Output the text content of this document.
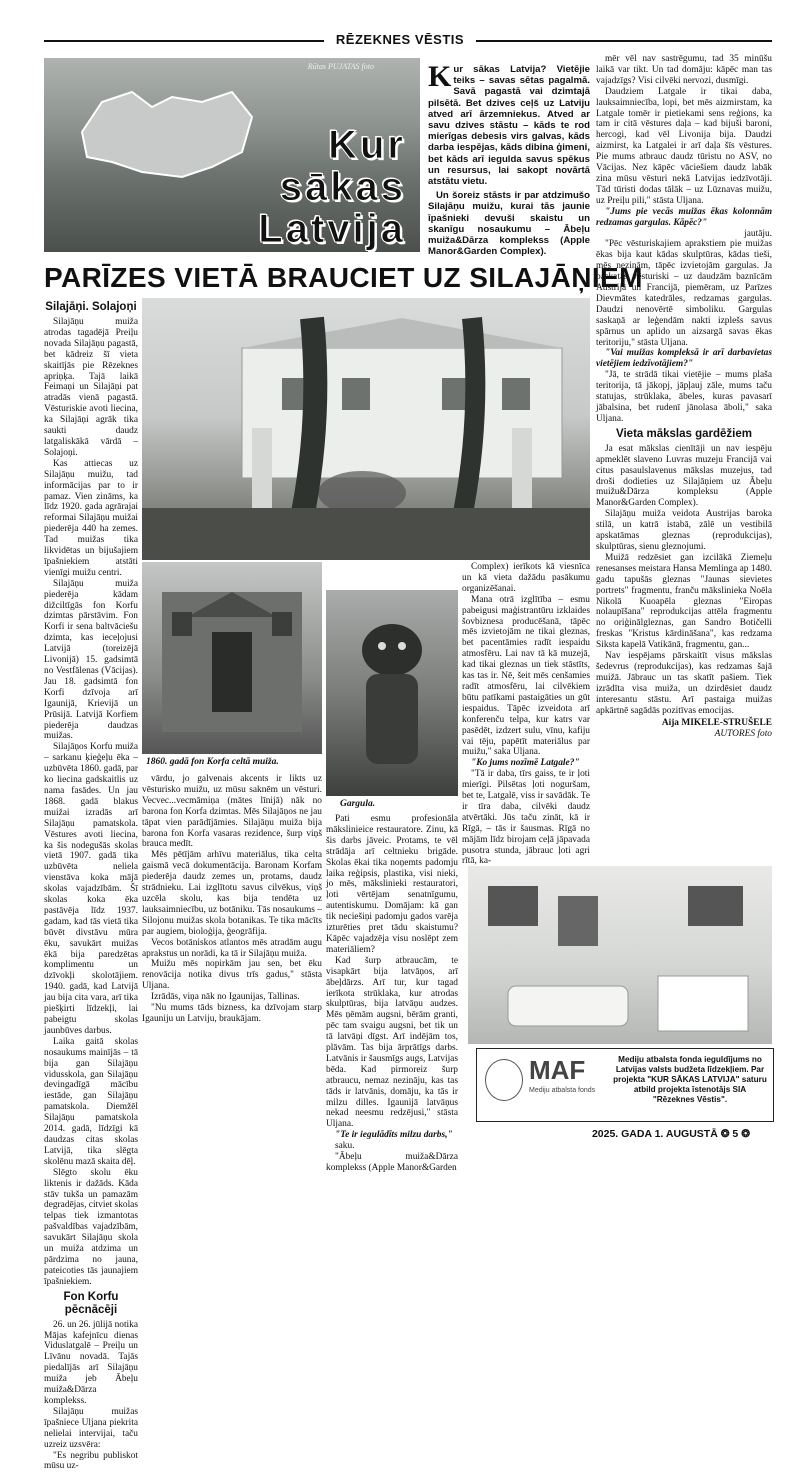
RĒZEKNES VĒSTIS
Rūtas PUJATAS foto
Kur
sākas
Latvija

Kur sākas Latvija? Vietējie teiks – savas sētas pagalmā. Savā pagastā vai dzimtajā pilsētā. Bet dzives ceļš uz Latviju atved arī ārzemniekus. Atved ar savu dzives stāstu – kāds te rod mierīgas debesis virs galvas, kāds darba iespējas, kāds dibina ģimeni, bet kāds arī iegulda savus spēkus un resursus, lai sakopt novārtā atstātu vietu.

Un šoreiz stāsts ir par atdzimušo Silajāņu muižu, kurai tās jaunie īpašnieki devuši skaistu un skanīgu nosaukumu – Ābeļu muiža&Dārza komplekss (Apple Manor&Garden Complex).

PARĪZES VIETĀ BRAUCIET UZ SILAJĀŅIEM
Silajāņi. Solajoņi

Silajāņu muiža atrodas tagadējā Preiļu novada Silajāņu pagastā, bet kādreiz šī vieta skaitījās pie Rēzeknes apriņķa. Tajā laikā Feimaņi un Silajāņi pat atradās vienā pagastā. Vēsturiskie avoti liecina, ka Silajāņi agrāk tika saukti daudz latgaliskākā vārdā – Solajoņi.

Kas attiecas uz Silajāņu muižu, tad informācijas par to ir pamaz. Vien zināms, ka līdz 1920. gada agrārajai reformai Silajāņu muižai piederēja 440 ha zemes. Tad muižas tika likvidētas un bijušajiem īpašniekiem atstāti vienīgi muižu centri.

Silajāņu muiža piederēja kādam dižciltīgās fon Korfu dzimtas pārstāvim. Fon Korfi ir sena baltvāciešu dzimta, kas ieceļojusi Latvijā (toreizējā Livonijā) 15. gadsimtā no Vestfālenas (Vācijas). Jau 18. gadsimtā fon Korfi dzīvoja arī Igaunijā, Krievijā un Prūsijā. Latvijā Korfiem piederēja daudzas muižas.

Silajāņos Korfu muiža – sarkanu ķieģeļu ēka – uzbūvēta 1860. gadā, par ko liecina gadskaitlis uz nama fasādes. Un jau 1868. gadā blakus muižai izradās arī Silajāņu pamatskola. Vēstures avoti liecina, ka šis nodegušās skolas vietā 1907. gadā tika uzbūvēta neliela vienstāva koka mājā skolas vajadzībām. Šī skolas koka ēka pastāvēja līdz 1937. gadam, kad tās vietā tika būvēt divstāvu mūra ēku, savukārt muižas ēkā bija paredzētas komplimentu un dzīvokļi skolotājiem. 1940. gadā, kad Latvijā jau bija cita vara, arī tika piešķirti līdzekļi, lai pabeigtu skolas jaunbūves darbus.

Laika gaitā skolas nosaukums mainījās – tā bija gan Silajāņu vidusskola, gan Silajāņu devingadīgā mācību iestāde, gan Silajāņu pamatskola. Diemžēl Silajāņu pamatskola 2014. gadā, līdzīgi kā daudzas citas skolas Latvijā, tika slēgta skolēnu mazā skaita dēļ.

Slēgto skolu ēku liktenis ir dažāds. Kāda stāv tukša un pamazām degradējas, citviet skolas telpas tiek izmantotas pašvaldības vajadzībām, savukārt Silajāņu skola un muiža atdzima un pārdzima no jauna, pateicoties tās jaunajiem īpašniekiem.

Fon Korfu pēcnācēji

26. un 26. jūlijā notika Mājas kafejnīcu dienas Viduslatgalē – Preiļu un Līvānu novadā. Tajās piedalījās arī Silajāņu muiža jeb Ābeļu muiža&Dārza komplekss.

Silajāņu muižas īpašniece Uljana piekrita nelielai intervijai, taču uzreiz uzsvēra:

"Es negribu publiskot mūsu uz-

1860. gadā fon Korfa celtā muiža.
Gargula.

vārdu, jo galvenais akcents ir likts uz vēsturisko muižu, uz mūsu saknēm un vēsturi. Vecvec...vecmāmiņa (mātes līnijā) nāk no barona fon Korfa dzimtas. Mēs Silajāņos ne jau tāpat vien parādījāmies. Silajāņu muiža bija barona fon Korfa vasaras rezidence, šurp viņš brauca medīt.

Mēs pētījām arhīvu materiālus, tika celta gaismā vecā dokumentācija. Baronam Korfam piederēja daudz zemes un, protams, daudz strādnieku. Lai izglītotu savus cilvēkus, viņš uzcēla skolu, kas bija tendēta uz lauksaimniecību, uz botāniku. Tās nosaukums – Silojonu muižas skola botanikas. Te tika mācīts par augiem, bioloģija, ģeogrāfija.

Vecos botāniskos atlantos mēs atradām augu aprakstus un norādi, ka tā ir Silajāņu muiža.

Muižu mēs nopirkām jau sen, bet ēku renovācija notika divus trīs gadus," stāsta Uljana.

Izrādās, viņa nāk no Igaunijas, Tallinas.

"Nu mums tāds bizness, ka dzīvojam starp Igauniju un Latviju, braukājam.

Pati esmu profesionāla mākslinieice restauratore. Zinu, kā šis darbs jāveic. Protams, te vēl strādāja arī celtnieku brigāde. Skolas ēkai tika noņemts padomju laika reģipsis, plastika, visi nieki, jo mēs, mākslinieki restauratori, ļoti vērtējam senatnīgumu, autentiskumu. Domājam: kā gan tik neciešiņi padomju gados varēja izturēties pret tādu skaistumu? Kāpēc vajadzēja visu noslēpt zem materiāliem?

Kad šurp atbraucām, te visapkārt bija latvāņos, arī ābeļdārzs. Arī tur, kur tagad ierīkota strūklaka, kur atrodas skulptūras, bija latvāņu audzes. Mēs ņēmām augsni, bērām granti, pēc tam svaigu augsni, bet tik un tā latvāņi dīgst. Arī indējām tos, plāvām. Tas bija ārprātīgs darbs. Latvānis ir šausmīgs augs, Latvijas bēda. Kad pirmoreiz šurp atbraucu, nemaz nezināju, kas tas tāds ir latvānis, domāju, ka tās ir milzu dilles. Igaunijā latvāņus nekad neesmu redzējusi," stāsta Uljana.

"Te ir iegulādīts milzu darbs,"

saku.

"Ābeļu muiža&Dārza komplekss (Apple Manor&Garden

Complex) ierīkots kā viesnīca un kā vieta dažādu pasākumu organizēšanai.

Mana otrā izglītība – esmu pabeigusi maģistrantūru izklaides šovbiznesa producēšanā, tāpēc mēs izvietojām ne tikai gleznas, bet pacentāmies radīt iespaidu atmosfēru. Lai nav tā kā muzejā, kad tikai gleznas un tiek stāstīts, kas tas ir. Nē, šeit mēs cenšamies radīt atmosfēru, lai cilvēkiem būtu patīkami pastaigāties un gūt iespaidus. Tāpēc izveidota arī konferenču telpa, kur katrs var pasēdēt, izdzert sulu, vīnu, kafiju vai tēju, papētīt materiālus par muižu," saka Uljana.

"Ko jums nozīmē Latgale?"

"Tā ir daba, tīrs gaiss, te ir ļoti mierīgi. Pilsētas ļoti noguršam, bet te, Latgalē, viss ir savādāk. Te ir tīra daba, cilvēki daudz atvērtāki. Jūs taču zināt, kā ir Rīgā, – tās ir šausmas. Rīgā no mājām līdz birojam ceļā jāpavada pusotra stunda, jābrauc ļoti agri rītā, ka-

mēr vēl nav sastrēgumu, tad 35 minūšu laikā var tikt. Un tad domāju: kāpēc man tas vajadzīgs? Visi cilvēki nervozi, dusmīgi.

Daudziem Latgale ir tikai daba, lauksaimniecība, lopi, bet mēs aizmirstam, ka Latgale tomēr ir pietiekami sens reģions, ka tam ir citā vēstures daļa – kad bijuši baroni, hercogi, kad vēl Livonija bija. Daudzi aizmirst, ka Latgalei ir arī daļa šīs vēstures. Pie mums atbrauc daudz tūristu no ASV, no Vācijas. Nez kāpēc vāciešiem daudz labāk zina mūsu vēsturi nekā Latvijas iedzīvotāji. Tād tūristi dodas tālāk – uz Lūznavas muižu, uz Preiļu pili," stāsta Uljana.

"Jums pie vecās muižas ēkas kolonnām redzamas gargulas. Kāpēc?"

jautāju.

"Pēc vēsturiskajiem aprakstiem pie muižas ēkas bija kaut kādas skulptūras, kādas tieši, mēs nezinām, tāpēc izvietojām gargulas. Ja paskatās vēsturiski – uz daudzām baznīcām Austrijā un Francijā, piemēram, uz Parīzes Dievmātes katedrāles, redzamas gargulas. Daudzi nenovērtē simboliku. Gargulas saskaņā ar leģendām nakti izplešs savus spārnus un aplido un aizsargā savas ēkas teritoriju," stāsta Uljana.

"Vai muižas kompleksā ir arī darbavietas vietējiem iedzīvotājiem?"

"Jā, te strādā tikai vietējie – mums plaša teritorija, tā jākopj, jāpļauj zāle, mums taču statujas, strūklaka, ābeles, kuras pavasarī jābalsina, bet rudenī jānolasa āboli," saka Uljana.

Vieta mākslas gardēžiem

Ja esat mākslas cienītāji un nav iespēju apmeklēt slaveno Luvras muzeju Francijā vai citus pasaulslavenus mākslas muzejus, tad droši dodieties uz Silajāņiem uz Ābeļu muižu&Dārza kompleksu (Apple Manor&Garden Complex).

Silajāņu muiža veidota Austrijas baroka stilā, un katrā istabā, zālē un vestibilā apskatāmas gleznas (reprodukcijas), skulptūras, sienu gleznojumi.

Muižā redzēsiet gan izcilākā Ziemeļu renesanses meistara Hansa Memlinga ap 1480. gadu tapušās gleznas "Jaunas sievietes portrets" fragmentu, franču mākslinieka Noēla Nikolā Kuoapēla gleznas "Eiropas nolaupīšana" reprodukcijas attēla fragmentu no oriģinālgleznas, gan Sandro Botičelli freskas "Kristus kārdināšana", kas redzama Siksta kapelā Vatikānā, fragmentu, gan...

Nav iespējams pārskaitīt visus mākslas šedevrus (reprodukcijas), kas redzamas šajā muižā. Jābrauc un tas skatīt pašiem. Tiek izrādīta visa muiža, un dzirdēsiet daudz interesantu stāstu. Arī pastaiga muižas apkārtnē sagādās pozitīvas emocijas.

Aija MIKELE-STRUŠELE
AUTORES foto
MAF
Mediju atbalsta fonds
Mediju atbalsta fonda ieguldījums no Latvijas valsts budžeta līdzekļiem. Par projekta "KUR SĀKAS LATVIJA" saturu atbild projekta īstenotājs SIA "Rēzeknes Vēstis".
2025. GADA 1. AUGUSTĀ ❂ 5 ❂
